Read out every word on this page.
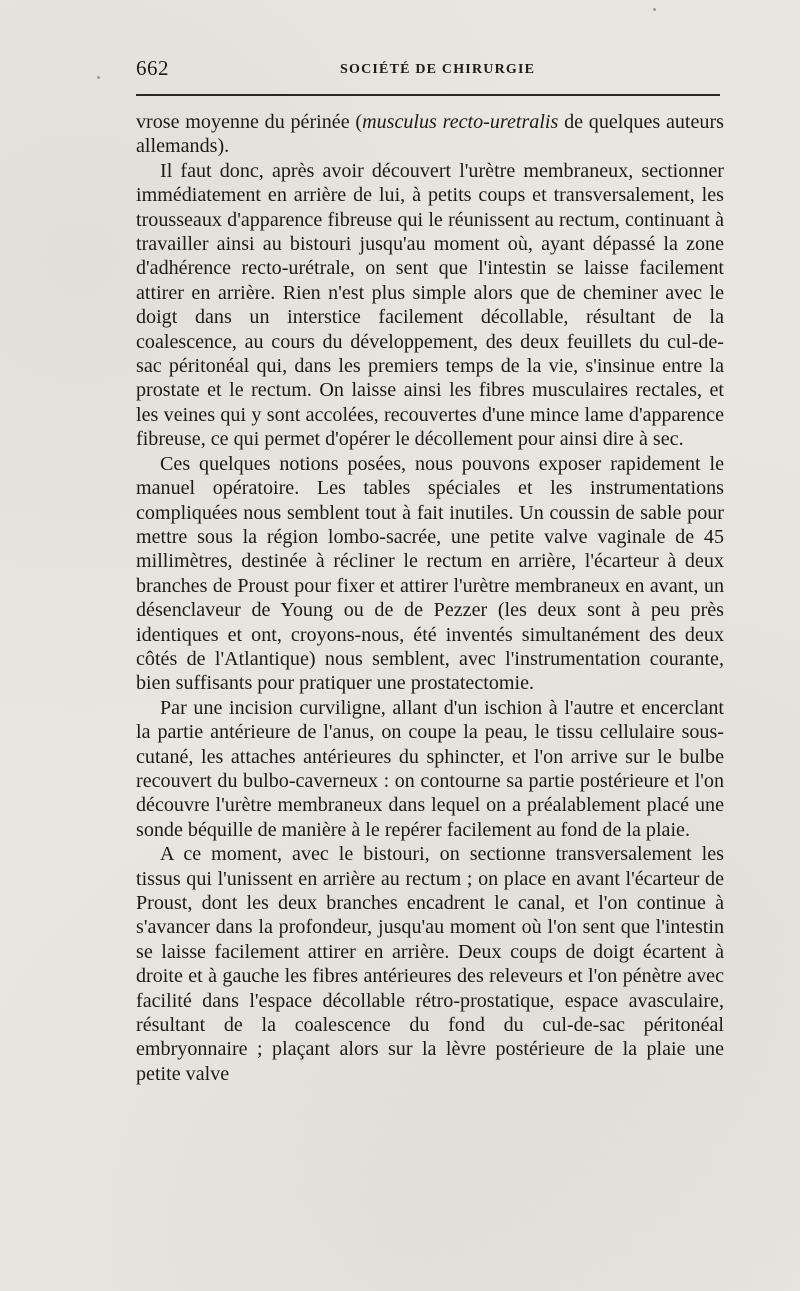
662	SOCIÉTÉ DE CHIRURGIE

vrose moyenne du périnée (musculus recto-uretralis de quelques auteurs allemands).

Il faut donc, après avoir découvert l'urètre membraneux, sectionner immédiatement en arrière de lui, à petits coups et transversalement, les trousseaux d'apparence fibreuse qui le réunissent au rectum, continuant à travailler ainsi au bistouri jusqu'au moment où, ayant dépassé la zone d'adhérence recto-urétrale, on sent que l'intestin se laisse facilement attirer en arrière. Rien n'est plus simple alors que de cheminer avec le doigt dans un interstice facilement décollable, résultant de la coalescence, au cours du développement, des deux feuillets du cul-de-sac péritonéal qui, dans les premiers temps de la vie, s'insinue entre la prostate et le rectum. On laisse ainsi les fibres musculaires rectales, et les veines qui y sont accolées, recouvertes d'une mince lame d'apparence fibreuse, ce qui permet d'opérer le décollement pour ainsi dire à sec.

Ces quelques notions posées, nous pouvons exposer rapidement le manuel opératoire. Les tables spéciales et les instrumentations compliquées nous semblent tout à fait inutiles. Un coussin de sable pour mettre sous la région lombo-sacrée, une petite valve vaginale de 45 millimètres, destinée à récliner le rectum en arrière, l'écarteur à deux branches de Proust pour fixer et attirer l'urètre membraneux en avant, un désenclaveur de Young ou de de Pezzer (les deux sont à peu près identiques et ont, croyons-nous, été inventés simultanément des deux côtés de l'Atlantique) nous semblent, avec l'instrumentation courante, bien suffisants pour pratiquer une prostatectomie.

Par une incision curviligne, allant d'un ischion à l'autre et encerclant la partie antérieure de l'anus, on coupe la peau, le tissu cellulaire sous-cutané, les attaches antérieures du sphincter, et l'on arrive sur le bulbe recouvert du bulbo-caverneux : on contourne sa partie postérieure et l'on découvre l'urètre membraneux dans lequel on a préalablement placé une sonde béquille de manière à le repérer facilement au fond de la plaie.

A ce moment, avec le bistouri, on sectionne transversalement les tissus qui l'unissent en arrière au rectum ; on place en avant l'écarteur de Proust, dont les deux branches encadrent le canal, et l'on continue à s'avancer dans la profondeur, jusqu'au moment où l'on sent que l'intestin se laisse facilement attirer en arrière. Deux coups de doigt écartent à droite et à gauche les fibres antérieures des releveurs et l'on pénètre avec facilité dans l'espace décollable rétro-prostatique, espace avasculaire, résultant de la coalescence du fond du cul-de-sac péritonéal embryonnaire ; plaçant alors sur la lèvre postérieure de la plaie une petite valve
